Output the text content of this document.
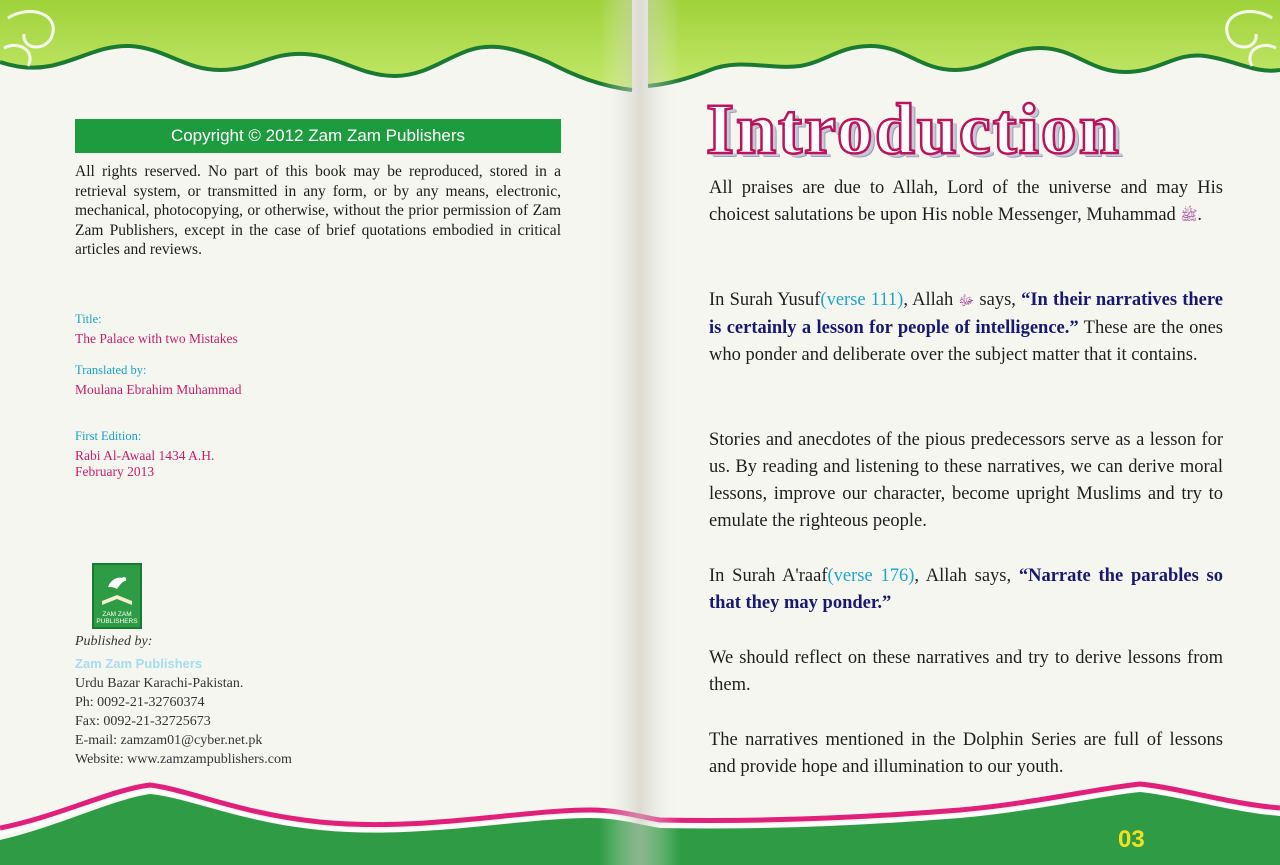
Copyright © 2012 Zam Zam Publishers

All rights reserved. No part of this book may be reproduced, stored in a retrieval system, or transmitted in any form, or by any means, electronic, mechanical, photocopying, or otherwise, without the prior permission of Zam Zam Publishers, except in the case of brief quotations embodied in critical articles and reviews.

Title:
The Palace with two Mistakes
Translated by:
Moulana Ebrahim Muhammad
First Edition:
Rabi Al-Awaal 1434 A.H.
February 2013
ZAM ZAM PUBLISHERS
Published by:
Zam Zam Publishers
Urdu Bazar Karachi-Pakistan.
Ph: 0092-21-32760374
Fax: 0092-21-32725673
E-mail: zamzam01@cyber.net.pk
Website: www.zamzampublishers.com
Introduction

All praises are due to Allah, Lord of the universe and may His choicest salutations be upon His noble Messenger, Muhammad ﷺ.

In Surah Yusuf(verse 111), Allah ﷻ says, “In their narratives there is certainly a lesson for people of intelligence.” These are the ones who ponder and deliberate over the subject matter that it contains.

Stories and anecdotes of the pious predecessors serve as a lesson for us. By reading and listening to these narratives, we can derive moral lessons, improve our character, become upright Muslims and try to emulate the righteous people.

In Surah A'raaf(verse 176), Allah says, “Narrate the parables so that they may ponder.”

We should reflect on these narratives and try to derive lessons from them.

The narratives mentioned in the Dolphin Series are full of lessons and provide hope and illumination to our youth.

03
